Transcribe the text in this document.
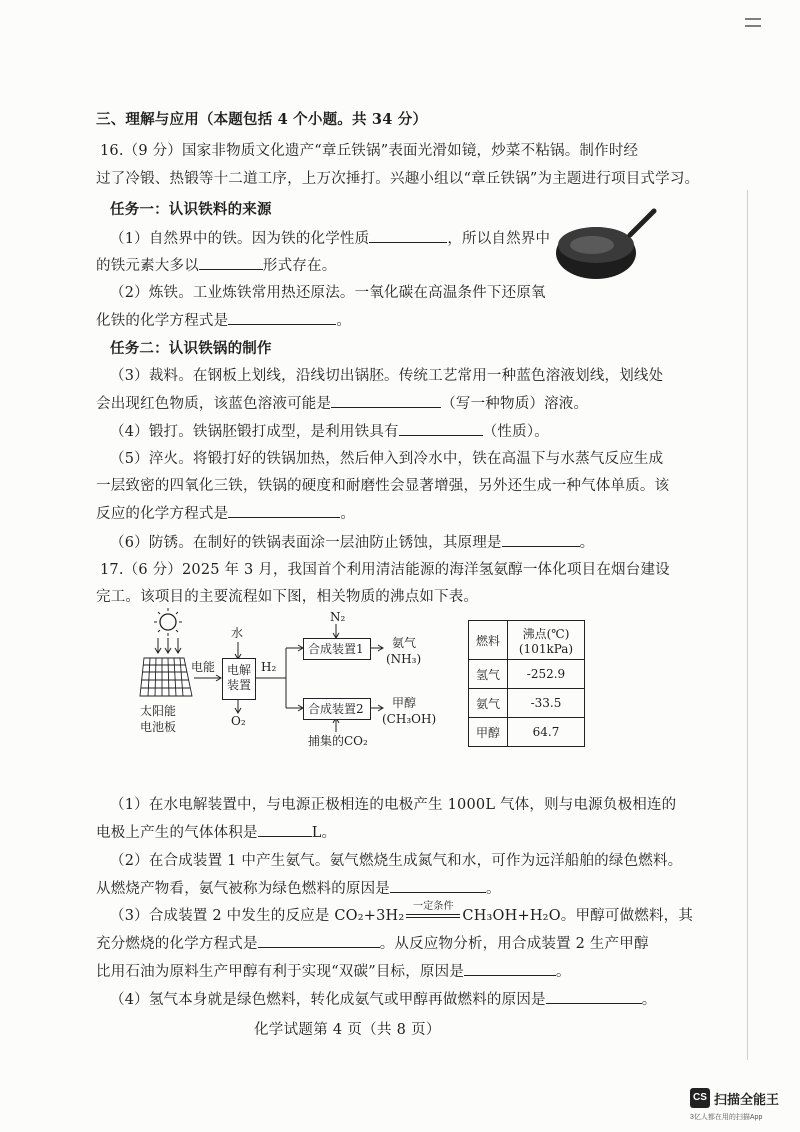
三、理解与应用（本题包括 4 个小题。共 34 分）
16.（9 分）国家非物质文化遗产“章丘铁锅”表面光滑如镜，炒菜不粘锅。制作时经
过了冷锻、热锻等十二道工序，上万次捶打。兴趣小组以“章丘铁锅”为主题进行项目式学习。
任务一：认识铁料的来源
（1）自然界中的铁。因为铁的化学性质	，所以自然界中
的铁元素大多以	形式存在。
（2）炼铁。工业炼铁常用热还原法。一氧化碳在高温条件下还原氧
化铁的化学方程式是	。
任务二：认识铁锅的制作
（3）裁料。在钢板上划线，沿线切出锅胚。传统工艺常用一种蓝色溶液划线，划线处
会出现红色物质，该蓝色溶液可能是	（写一种物质）溶液。
（4）锻打。铁锅胚锻打成型，是利用铁具有	（性质）。
（5）淬火。将锻打好的铁锅加热，然后伸入到冷水中，铁在高温下与水蒸气反应生成
一层致密的四氧化三铁，铁锅的硬度和耐磨性会显著增强，另外还生成一种气体单质。该
反应的化学方程式是	。
（6）防锈。在制好的铁锅表面涂一层油防止锈蚀，其原理是	。
17.（6 分）2025 年 3 月，我国首个利用清洁能源的海洋氢氨醇一体化项目在烟台建设
完工。该项目的主要流程如下图，相关物质的沸点如下表。
水
电能 电解装置
H₂
O₂
N₂
合成装置1
合成装置2
氨气
(NH₃)
甲醇
(CH₃OH)
捕集的CO₂
太阳能
电池板
燃料	沸点(℃)
(101kPa)

氢气	-252.9
氨气	-33.5
甲醇	64.7
（1）在水电解装置中，与电源正极相连的电极产生 1000L 气体，则与电源负极相连的
电极上产生的气体体积是	L。
（2）在合成装置 1 中产生氨气。氨气燃烧生成氮气和水，可作为远洋船舶的绿色燃料。
从燃烧产物看，氨气被称为绿色燃料的原因是	。
（3）合成装置 2 中发生的反应是 CO₂+3H₂
一定条件
CH₃OH+H₂O。甲醇可做燃料，其
充分燃烧的化学方程式是	。从反应物分析，用合成装置 2 生产甲醇
比用石油为原料生产甲醇有利于实现“双碳”目标，原因是	。
（4）氢气本身就是绿色燃料，转化成氨气或甲醇再做燃料的原因是	。
化学试题第 4 页（共 8 页）
CS 扫描全能王
3亿人都在用的扫描App
